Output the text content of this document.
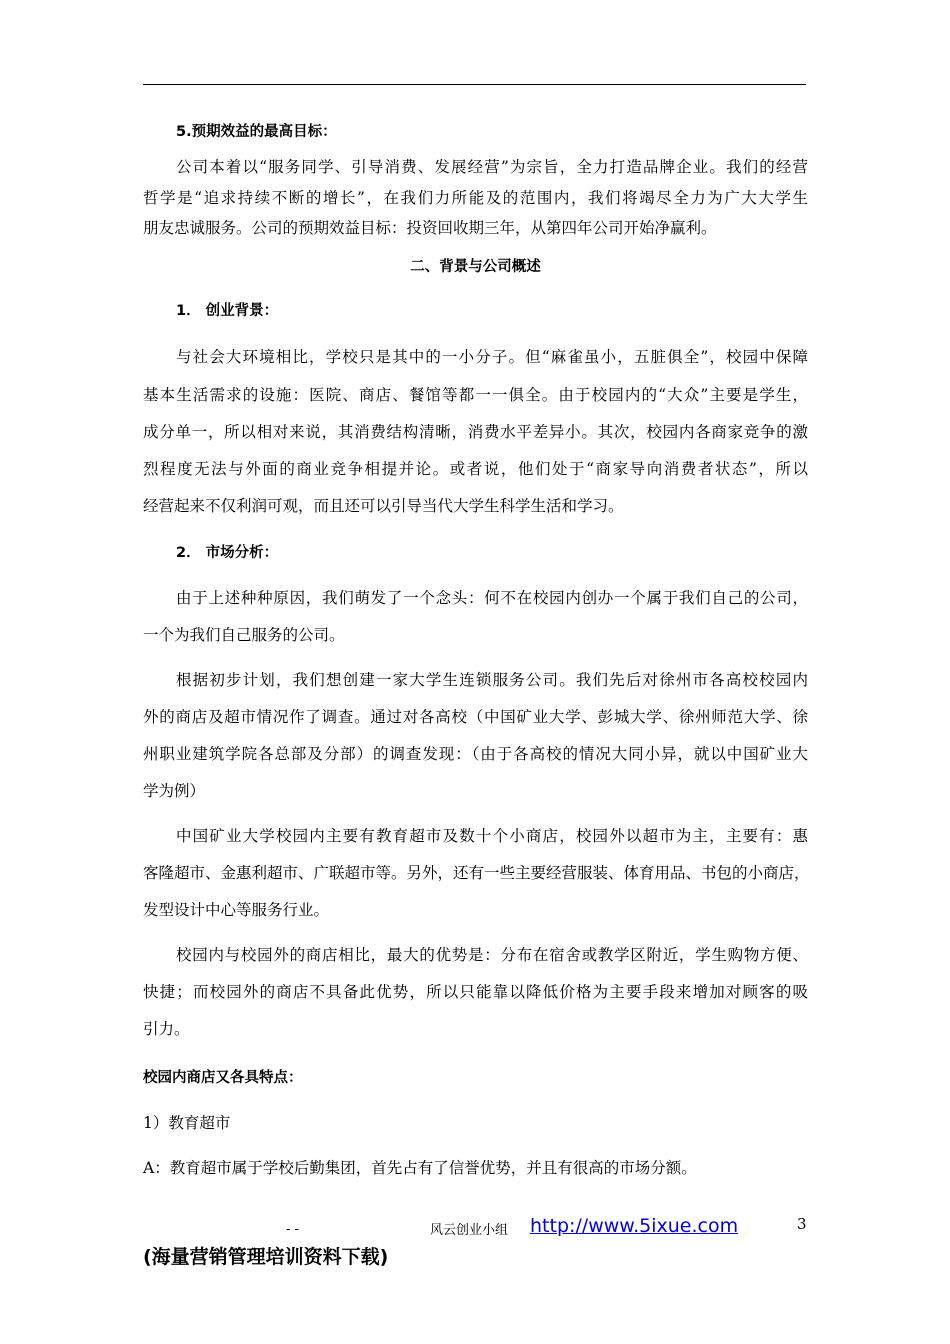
5.预期效益的最高目标：
公司本着以“服务同学、引导消费、发展经营”为宗旨，全力打造品牌企业。我们的经营
哲学是“追求持续不断的增长”，在我们力所能及的范围内，我们将竭尽全力为广大大学生
朋友忠诚服务。公司的预期效益目标：投资回收期三年，从第四年公司开始净赢利。
二、背景与公司概述
1． 创业背景：
与社会大环境相比，学校只是其中的一小分子。但“麻雀虽小，五脏俱全”，校园中保障
基本生活需求的设施：医院、商店、餐馆等都一一俱全。由于校园内的“大众”主要是学生，
成分单一，所以相对来说，其消费结构清晰，消费水平差异小。其次，校园内各商家竞争的激
烈程度无法与外面的商业竞争相提并论。或者说，他们处于“商家导向消费者状态”，所以
经营起来不仅利润可观，而且还可以引导当代大学生科学生活和学习。
2． 市场分析：
由于上述种种原因，我们萌发了一个念头：何不在校园内创办一个属于我们自己的公司，
一个为我们自己服务的公司。
根据初步计划，我们想创建一家大学生连锁服务公司。我们先后对徐州市各高校校园内
外的商店及超市情况作了调查。通过对各高校（中国矿业大学、彭城大学、徐州师范大学、徐
州职业建筑学院各总部及分部）的调查发现：（由于各高校的情况大同小异，就以中国矿业大
学为例）
中国矿业大学校园内主要有教育超市及数十个小商店，校园外以超市为主，主要有：惠
客隆超市、金惠利超市、广联超市等。另外，还有一些主要经营服装、体育用品、书包的小商店，
发型设计中心等服务行业。
校园内与校园外的商店相比，最大的优势是：分布在宿舍或教学区附近，学生购物方便、
快捷；而校园外的商店不具备此优势，所以只能靠以降低价格为主要手段来增加对顾客的吸
引力。
校园内商店又各具特点：
1）教育超市
A：教育超市属于学校后勤集团，首先占有了信誉优势，并且有很高的市场分额。
- -	风云创业小组 http://www.5ixue.com	3
(海量营销管理培训资料下载)
